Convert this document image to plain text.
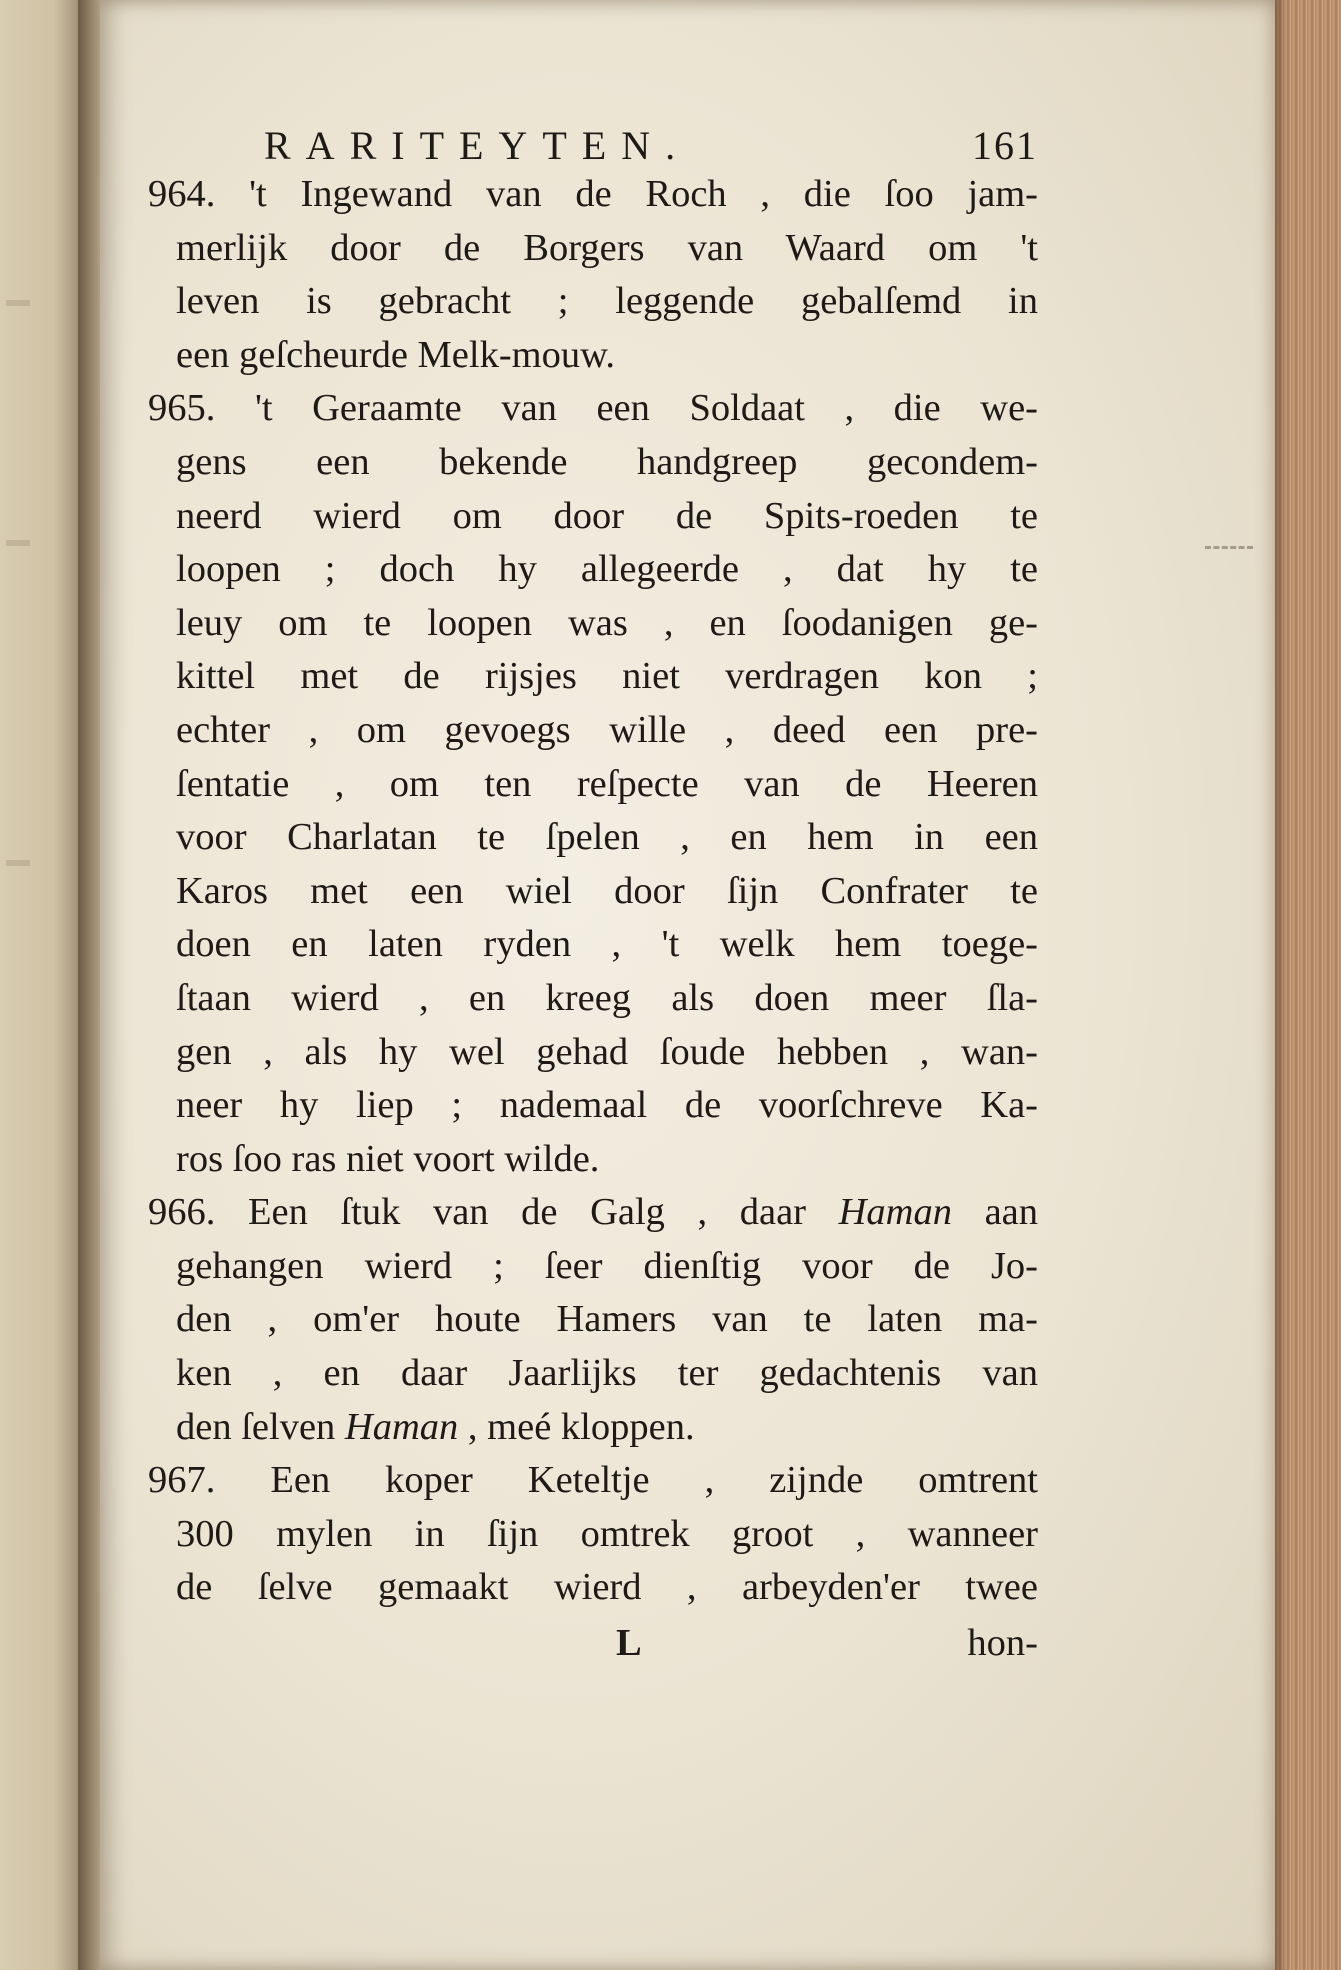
RARITEYTEN.	161
964. 't Ingewand van de Roch , die ſoo jam-
merlijk door de Borgers van Waard om 't
leven is gebracht ; leggende gebalſemd in
een geſcheurde Melk-mouw.
965. 't Geraamte van een Soldaat , die we-
gens een bekende handgreep gecondem-
neerd wierd om door de Spits-roeden te
loopen ; doch hy allegeerde , dat hy te
leuy om te loopen was , en ſoodanigen ge-
kittel met de rijsjes niet verdragen kon ;
echter , om gevoegs wille , deed een pre-
ſentatie , om ten reſpecte van de Heeren
voor Charlatan te ſpelen , en hem in een
Karos met een wiel door ſijn Confrater te
doen en laten ryden , 't welk hem toege-
ſtaan wierd , en kreeg als doen meer ſla-
gen , als hy wel gehad ſoude hebben , wan-
neer hy liep ; nademaal de voorſchreve Ka-
ros ſoo ras niet voort wilde.
966. Een ſtuk van de Galg , daar Haman aan
gehangen wierd ; ſeer dienſtig voor de Jo-
den , om'er houte Hamers van te laten ma-
ken , en daar Jaarlijks ter gedachtenis van
den ſelven Haman , meé kloppen.
967. Een koper Keteltje , zijnde omtrent
300 mylen in ſijn omtrek groot , wanneer
de ſelve gemaakt wierd , arbeyden'er twee
L	hon-
